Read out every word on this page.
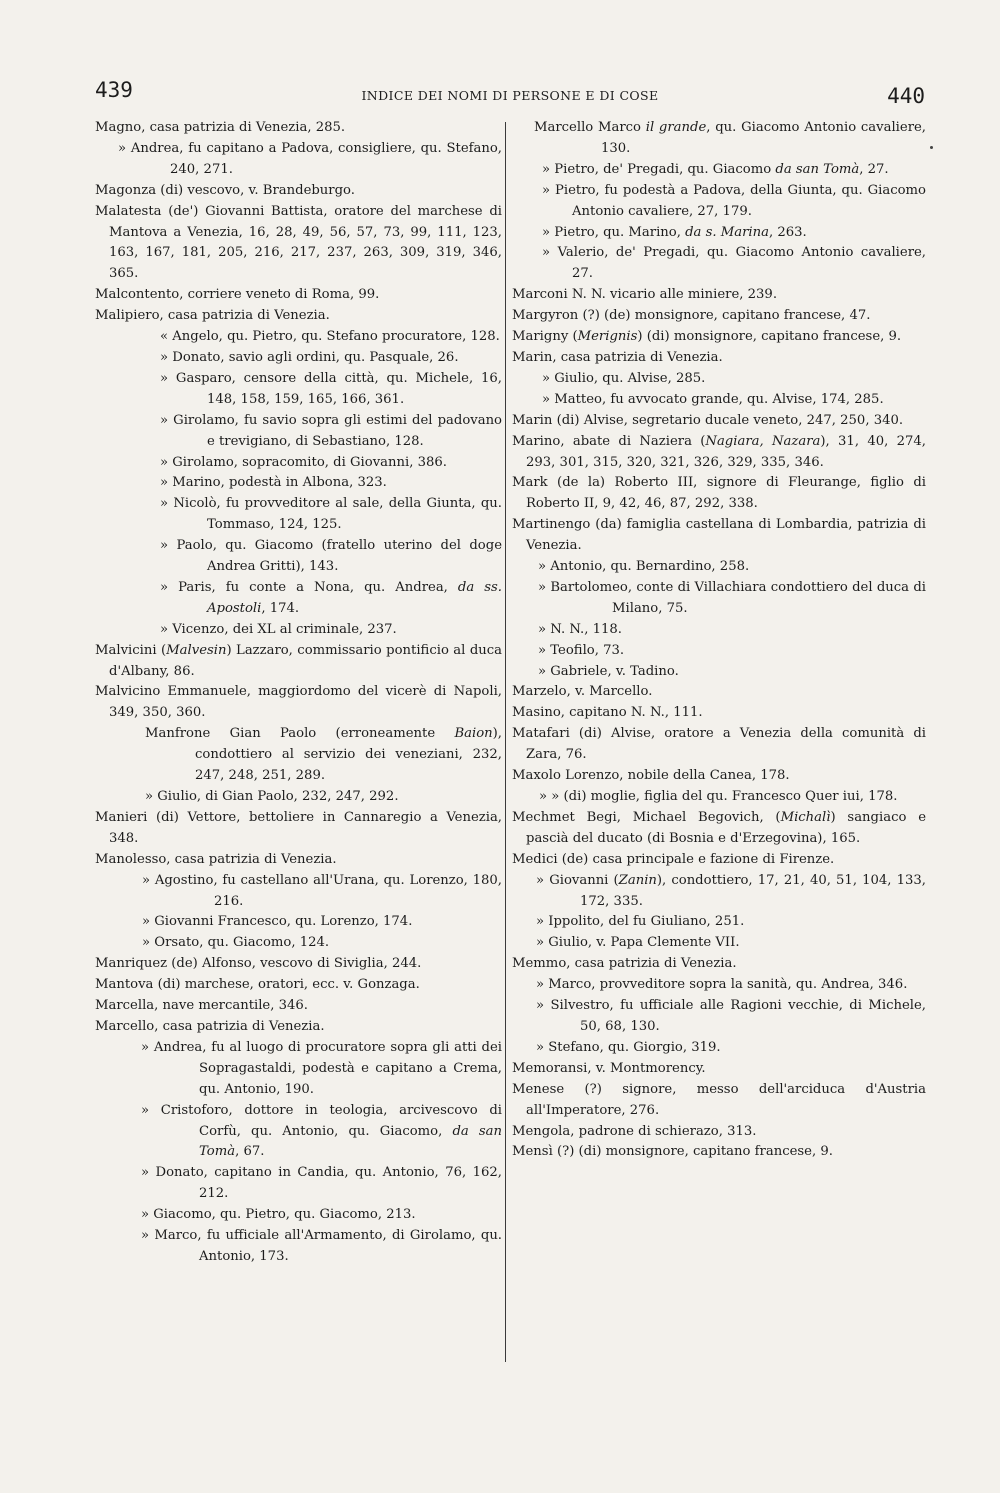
439	INDICE DEI NOMI DI PERSONE E DI COSE	440

Magno, casa patrizia di Venezia, 285.

» Andrea, fu capitano a Padova, consigliere, qu. Stefano, 240, 271.

Magonza (di) vescovo, v. Brandeburgo.

Malatesta (de') Giovanni Battista, oratore del marchese di Mantova a Venezia, 16, 28, 49, 56, 57, 73, 99, 111, 123, 163, 167, 181, 205, 216, 217, 237, 263, 309, 319, 346, 365.

Malcontento, corriere veneto di Roma, 99.

Malipiero, casa patrizia di Venezia.

« Angelo, qu. Pietro, qu. Stefano procuratore, 128.

» Donato, savio agli ordini, qu. Pasquale, 26.

» Gasparo, censore della città, qu. Michele, 16, 148, 158, 159, 165, 166, 361.

» Girolamo, fu savio sopra gli estimi del padovano e trevigiano, di Sebastiano, 128.

» Girolamo, sopracomito, di Giovanni, 386.

» Marino, podestà in Albona, 323.

» Nicolò, fu provveditore al sale, della Giunta, qu. Tommaso, 124, 125.

» Paolo, qu. Giacomo (fratello uterino del doge Andrea Gritti), 143.

» Paris, fu conte a Nona, qu. Andrea, da ss. Apostoli, 174.

» Vicenzo, dei XL al criminale, 237.

Malvicini (Malvesin) Lazzaro, commissario pontificio al duca d'Albany, 86.

Malvicino Emmanuele, maggiordomo del vicerè di Napoli, 349, 350, 360.

Manfrone Gian Paolo (erroneamente Baion), condottiero al servizio dei veneziani, 232, 247, 248, 251, 289.

» Giulio, di Gian Paolo, 232, 247, 292.

Manieri (di) Vettore, bettoliere in Cannaregio a Venezia, 348.

Manolesso, casa patrizia di Venezia.

» Agostino, fu castellano all'Urana, qu. Lorenzo, 180, 216.

» Giovanni Francesco, qu. Lorenzo, 174.

» Orsato, qu. Giacomo, 124.

Manriquez (de) Alfonso, vescovo di Siviglia, 244.

Mantova (di) marchese, oratori, ecc. v. Gonzaga.

Marcella, nave mercantile, 346.

Marcello, casa patrizia di Venezia.

» Andrea, fu al luogo di procuratore sopra gli atti dei Sopragastaldi, podestà e capitano a Crema, qu. Antonio, 190.

» Cristoforo, dottore in teologia, arcivescovo di Corfù, qu. Antonio, qu. Giacomo, da san Tomà, 67.

» Donato, capitano in Candia, qu. Antonio, 76, 162, 212.

» Giacomo, qu. Pietro, qu. Giacomo, 213.

» Marco, fu ufficiale all'Armamento, di Girolamo, qu. Antonio, 173.

Marcello Marco il grande, qu. Giacomo Antonio cavaliere, 130.

» Pietro, de' Pregadi, qu. Giacomo da san Tomà, 27.

» Pietro, fu podestà a Padova, della Giunta, qu. Giacomo Antonio cavaliere, 27, 179.

» Pietro, qu. Marino, da s. Marina, 263.

» Valerio, de' Pregadi, qu. Giacomo Antonio cavaliere, 27.

Marconi N. N. vicario alle miniere, 239.

Margyron (?) (de) monsignore, capitano francese, 47.

Marigny (Merignis) (di) monsignore, capitano francese, 9.

Marin, casa patrizia di Venezia.

» Giulio, qu. Alvise, 285.

» Matteo, fu avvocato grande, qu. Alvise, 174, 285.

Marin (di) Alvise, segretario ducale veneto, 247, 250, 340.

Marino, abate di Naziera (Nagiara, Nazara), 31, 40, 274, 293, 301, 315, 320, 321, 326, 329, 335, 346.

Mark (de la) Roberto III, signore di Fleurange, figlio di Roberto II, 9, 42, 46, 87, 292, 338.

Martinengo (da) famiglia castellana di Lombardia, patrizia di Venezia.

» Antonio, qu. Bernardino, 258.

» Bartolomeo, conte di Villachiara condottiero del duca di Milano, 75.

» N. N., 118.

» Teofilo, 73.

» Gabriele, v. Tadino.

Marzelo, v. Marcello.

Masino, capitano N. N., 111.

Matafari (di) Alvise, oratore a Venezia della comunità di Zara, 76.

Maxolo Lorenzo, nobile della Canea, 178.

» » (di) moglie, figlia del qu. Francesco Quer iui, 178.

Mechmet Begi, Michael Begovich, (Michalì) sangiaco e pascià del ducato (di Bosnia e d'Erzegovina), 165.

Medici (de) casa principale e fazione di Firenze.

» Giovanni (Zanin), condottiero, 17, 21, 40, 51, 104, 133, 172, 335.

» Ippolito, del fu Giuliano, 251.

» Giulio, v. Papa Clemente VII.

Memmo, casa patrizia di Venezia.

» Marco, provveditore sopra la sanità, qu. Andrea, 346.

» Silvestro, fu ufficiale alle Ragioni vecchie, di Michele, 50, 68, 130.

» Stefano, qu. Giorgio, 319.

Memoransi, v. Montmorency.

Menese (?) signore, messo dell'arciduca d'Austria all'Imperatore, 276.

Mengola, padrone di schierazo, 313.

Mensì (?) (di) monsignore, capitano francese, 9.
